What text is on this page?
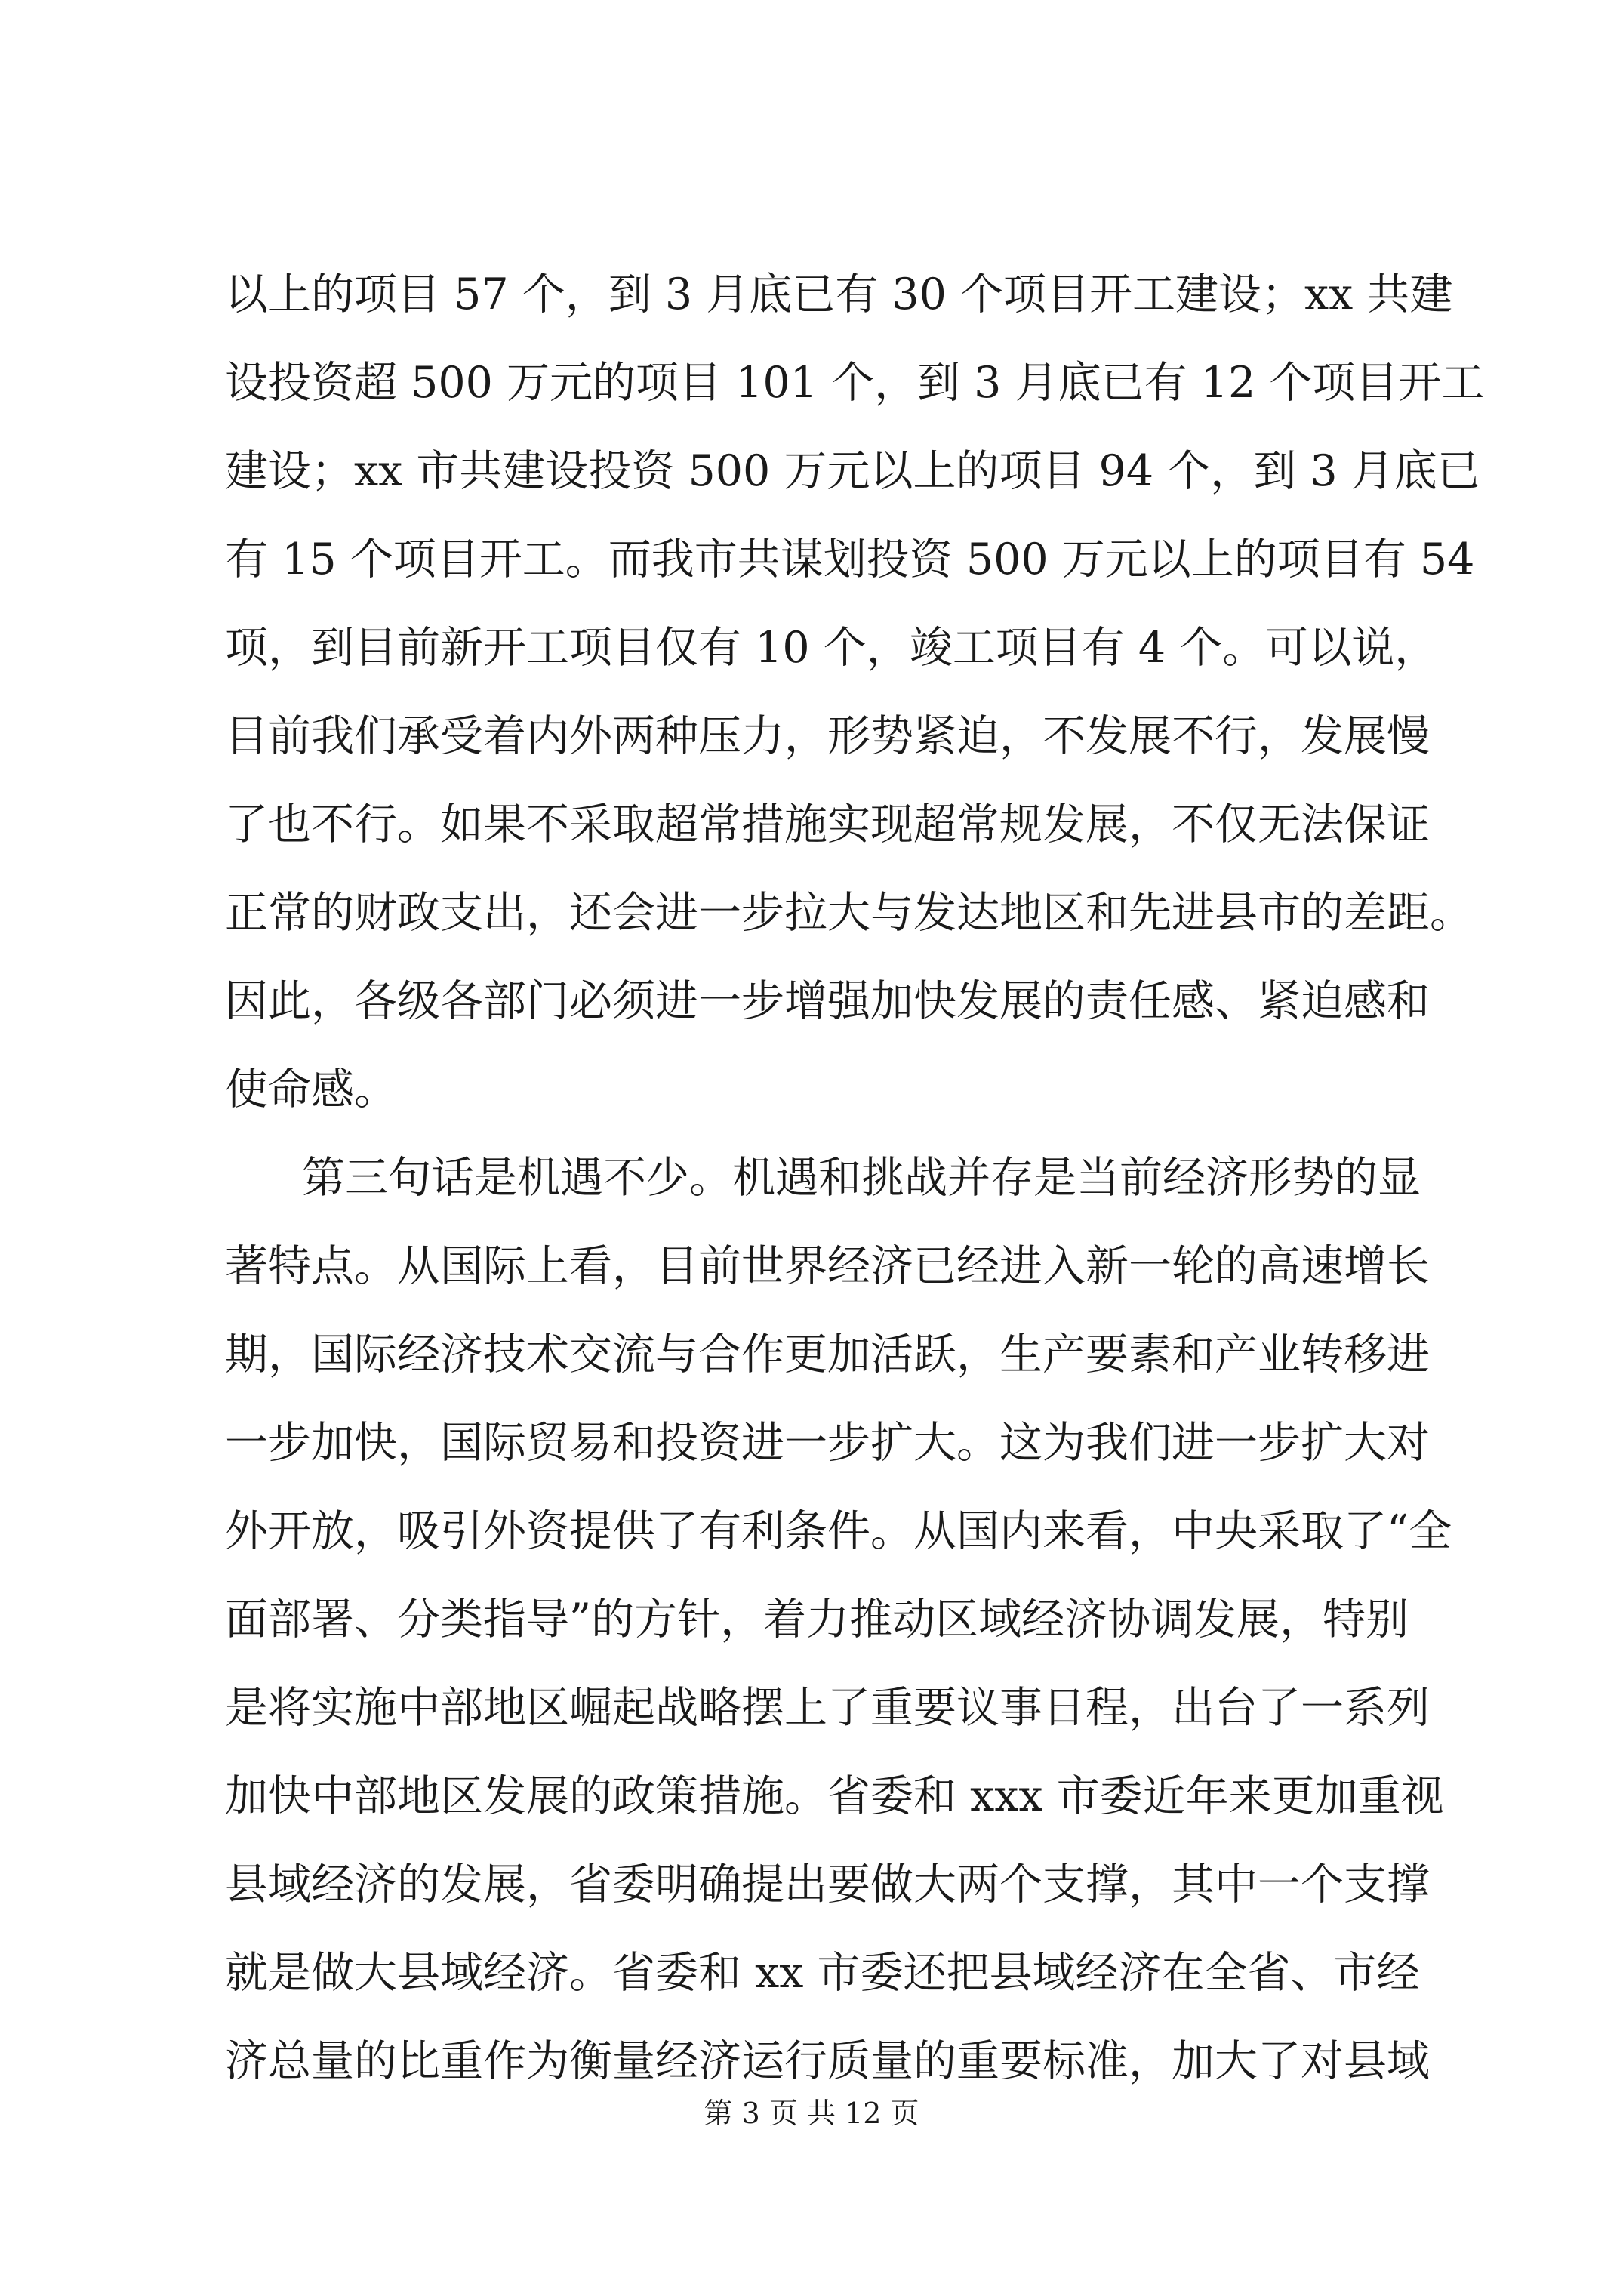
以上的项目 57 个，到 3 月底已有 30 个项目开工建设；xx 共建
设投资超 500 万元的项目 101 个，到 3 月底已有 12 个项目开工
建设；xx 市共建设投资 500 万元以上的项目 94 个，到 3 月底已
有 15 个项目开工。而我市共谋划投资 500 万元以上的项目有 54
项，到目前新开工项目仅有 10 个，竣工项目有 4 个。可以说，
目前我们承受着内外两种压力，形势紧迫，不发展不行，发展慢
了也不行。如果不采取超常措施实现超常规发展，不仅无法保证
正常的财政支出，还会进一步拉大与发达地区和先进县市的差距。
因此，各级各部门必须进一步增强加快发展的责任感、紧迫感和
使命感。
第三句话是机遇不少。机遇和挑战并存是当前经济形势的显
著特点。从国际上看，目前世界经济已经进入新一轮的高速增长
期，国际经济技术交流与合作更加活跃，生产要素和产业转移进
一步加快，国际贸易和投资进一步扩大。这为我们进一步扩大对
外开放，吸引外资提供了有利条件。从国内来看，中央采取了“全
面部署、分类指导”的方针，着力推动区域经济协调发展，特别
是将实施中部地区崛起战略摆上了重要议事日程，出台了一系列
加快中部地区发展的政策措施。省委和 xxx 市委近年来更加重视
县域经济的发展，省委明确提出要做大两个支撑，其中一个支撑
就是做大县域经济。省委和 xx 市委还把县域经济在全省、市经
济总量的比重作为衡量经济运行质量的重要标准，加大了对县域
第 3 页 共 12 页
